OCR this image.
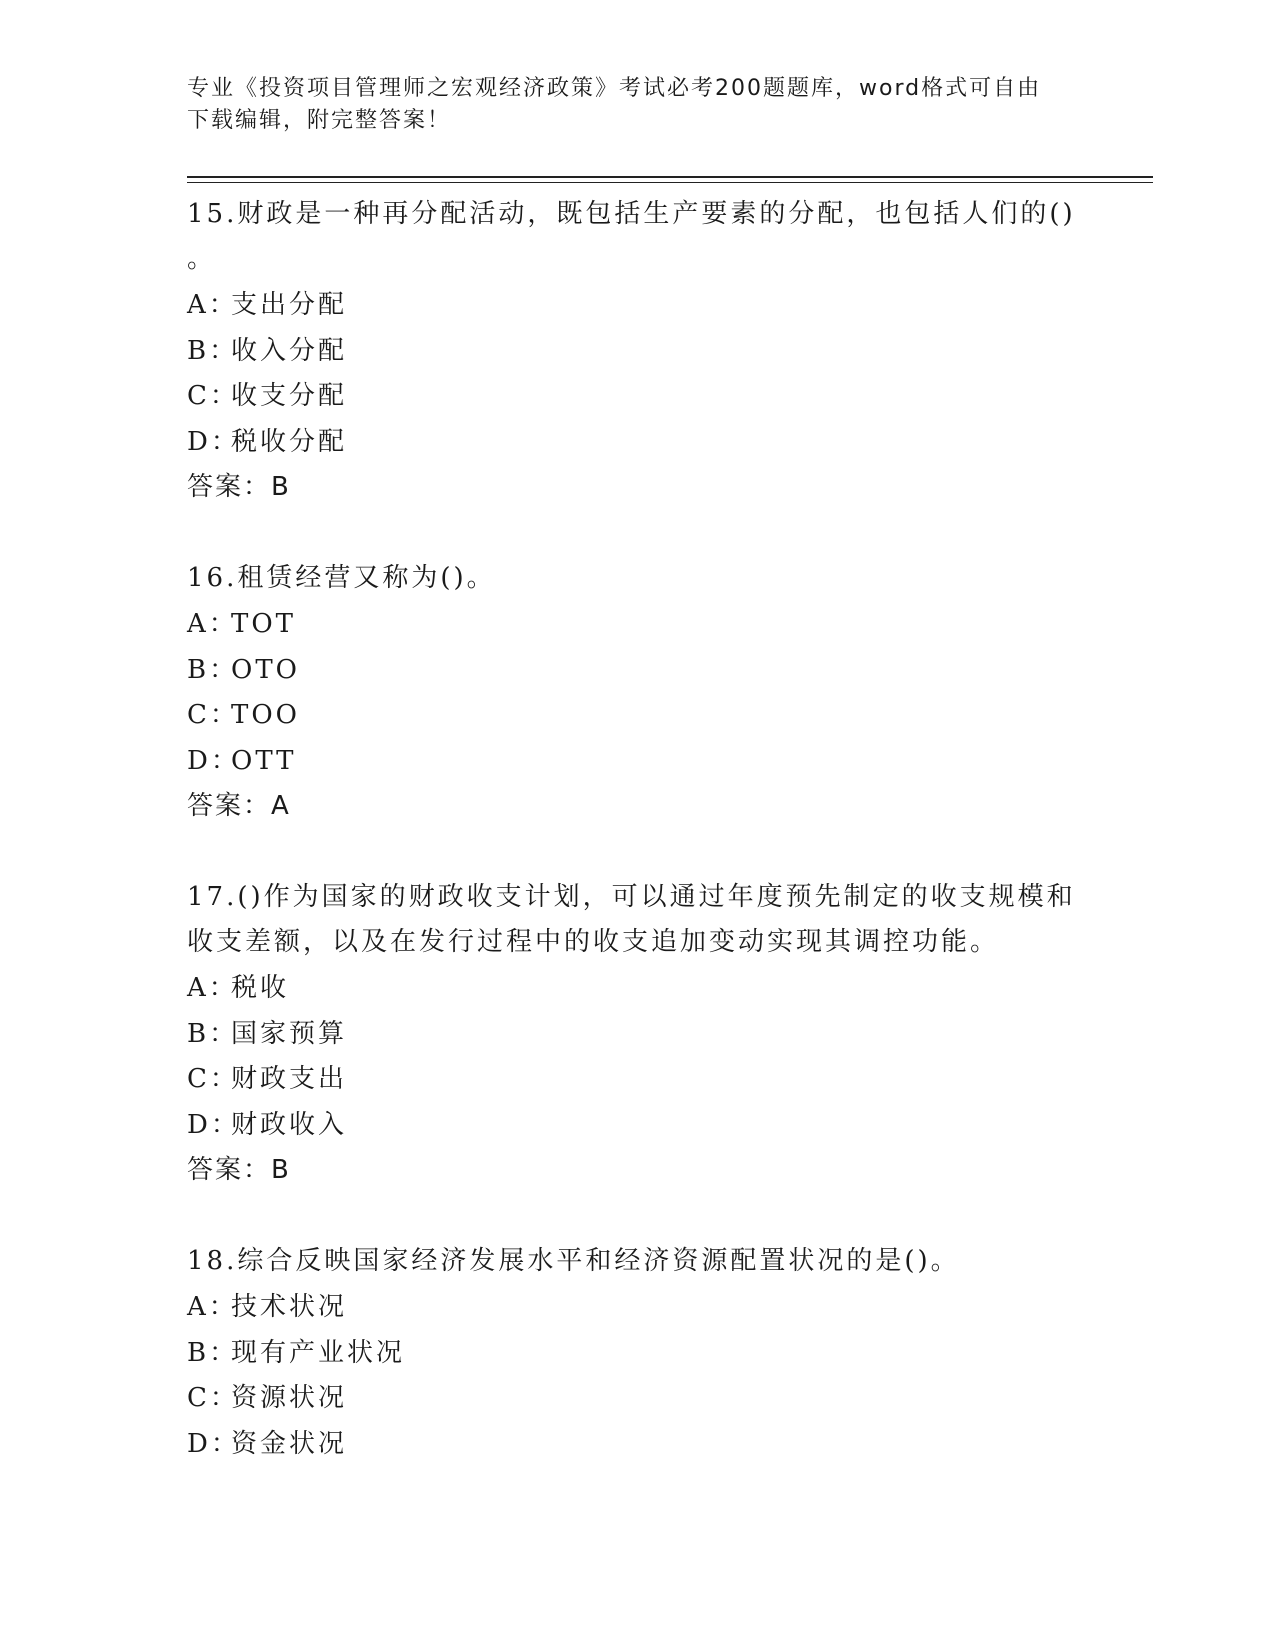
专业《投资项目管理师之宏观经济政策》考试必考200题题库，word格式可自由
下载编辑，附完整答案！
15.财政是一种再分配活动，既包括生产要素的分配，也包括人们的()
。
A：支出分配
B：收入分配
C：收支分配
D：税收分配
答案：B
16.租赁经营又称为()。
A：TOT
B：OTO
C：TOO
D：OTT
答案：A
17.()作为国家的财政收支计划，可以通过年度预先制定的收支规模和
收支差额，以及在发行过程中的收支追加变动实现其调控功能。
A：税收
B：国家预算
C：财政支出
D：财政收入
答案：B
18.综合反映国家经济发展水平和经济资源配置状况的是()。
A：技术状况
B：现有产业状况
C：资源状况
D：资金状况
